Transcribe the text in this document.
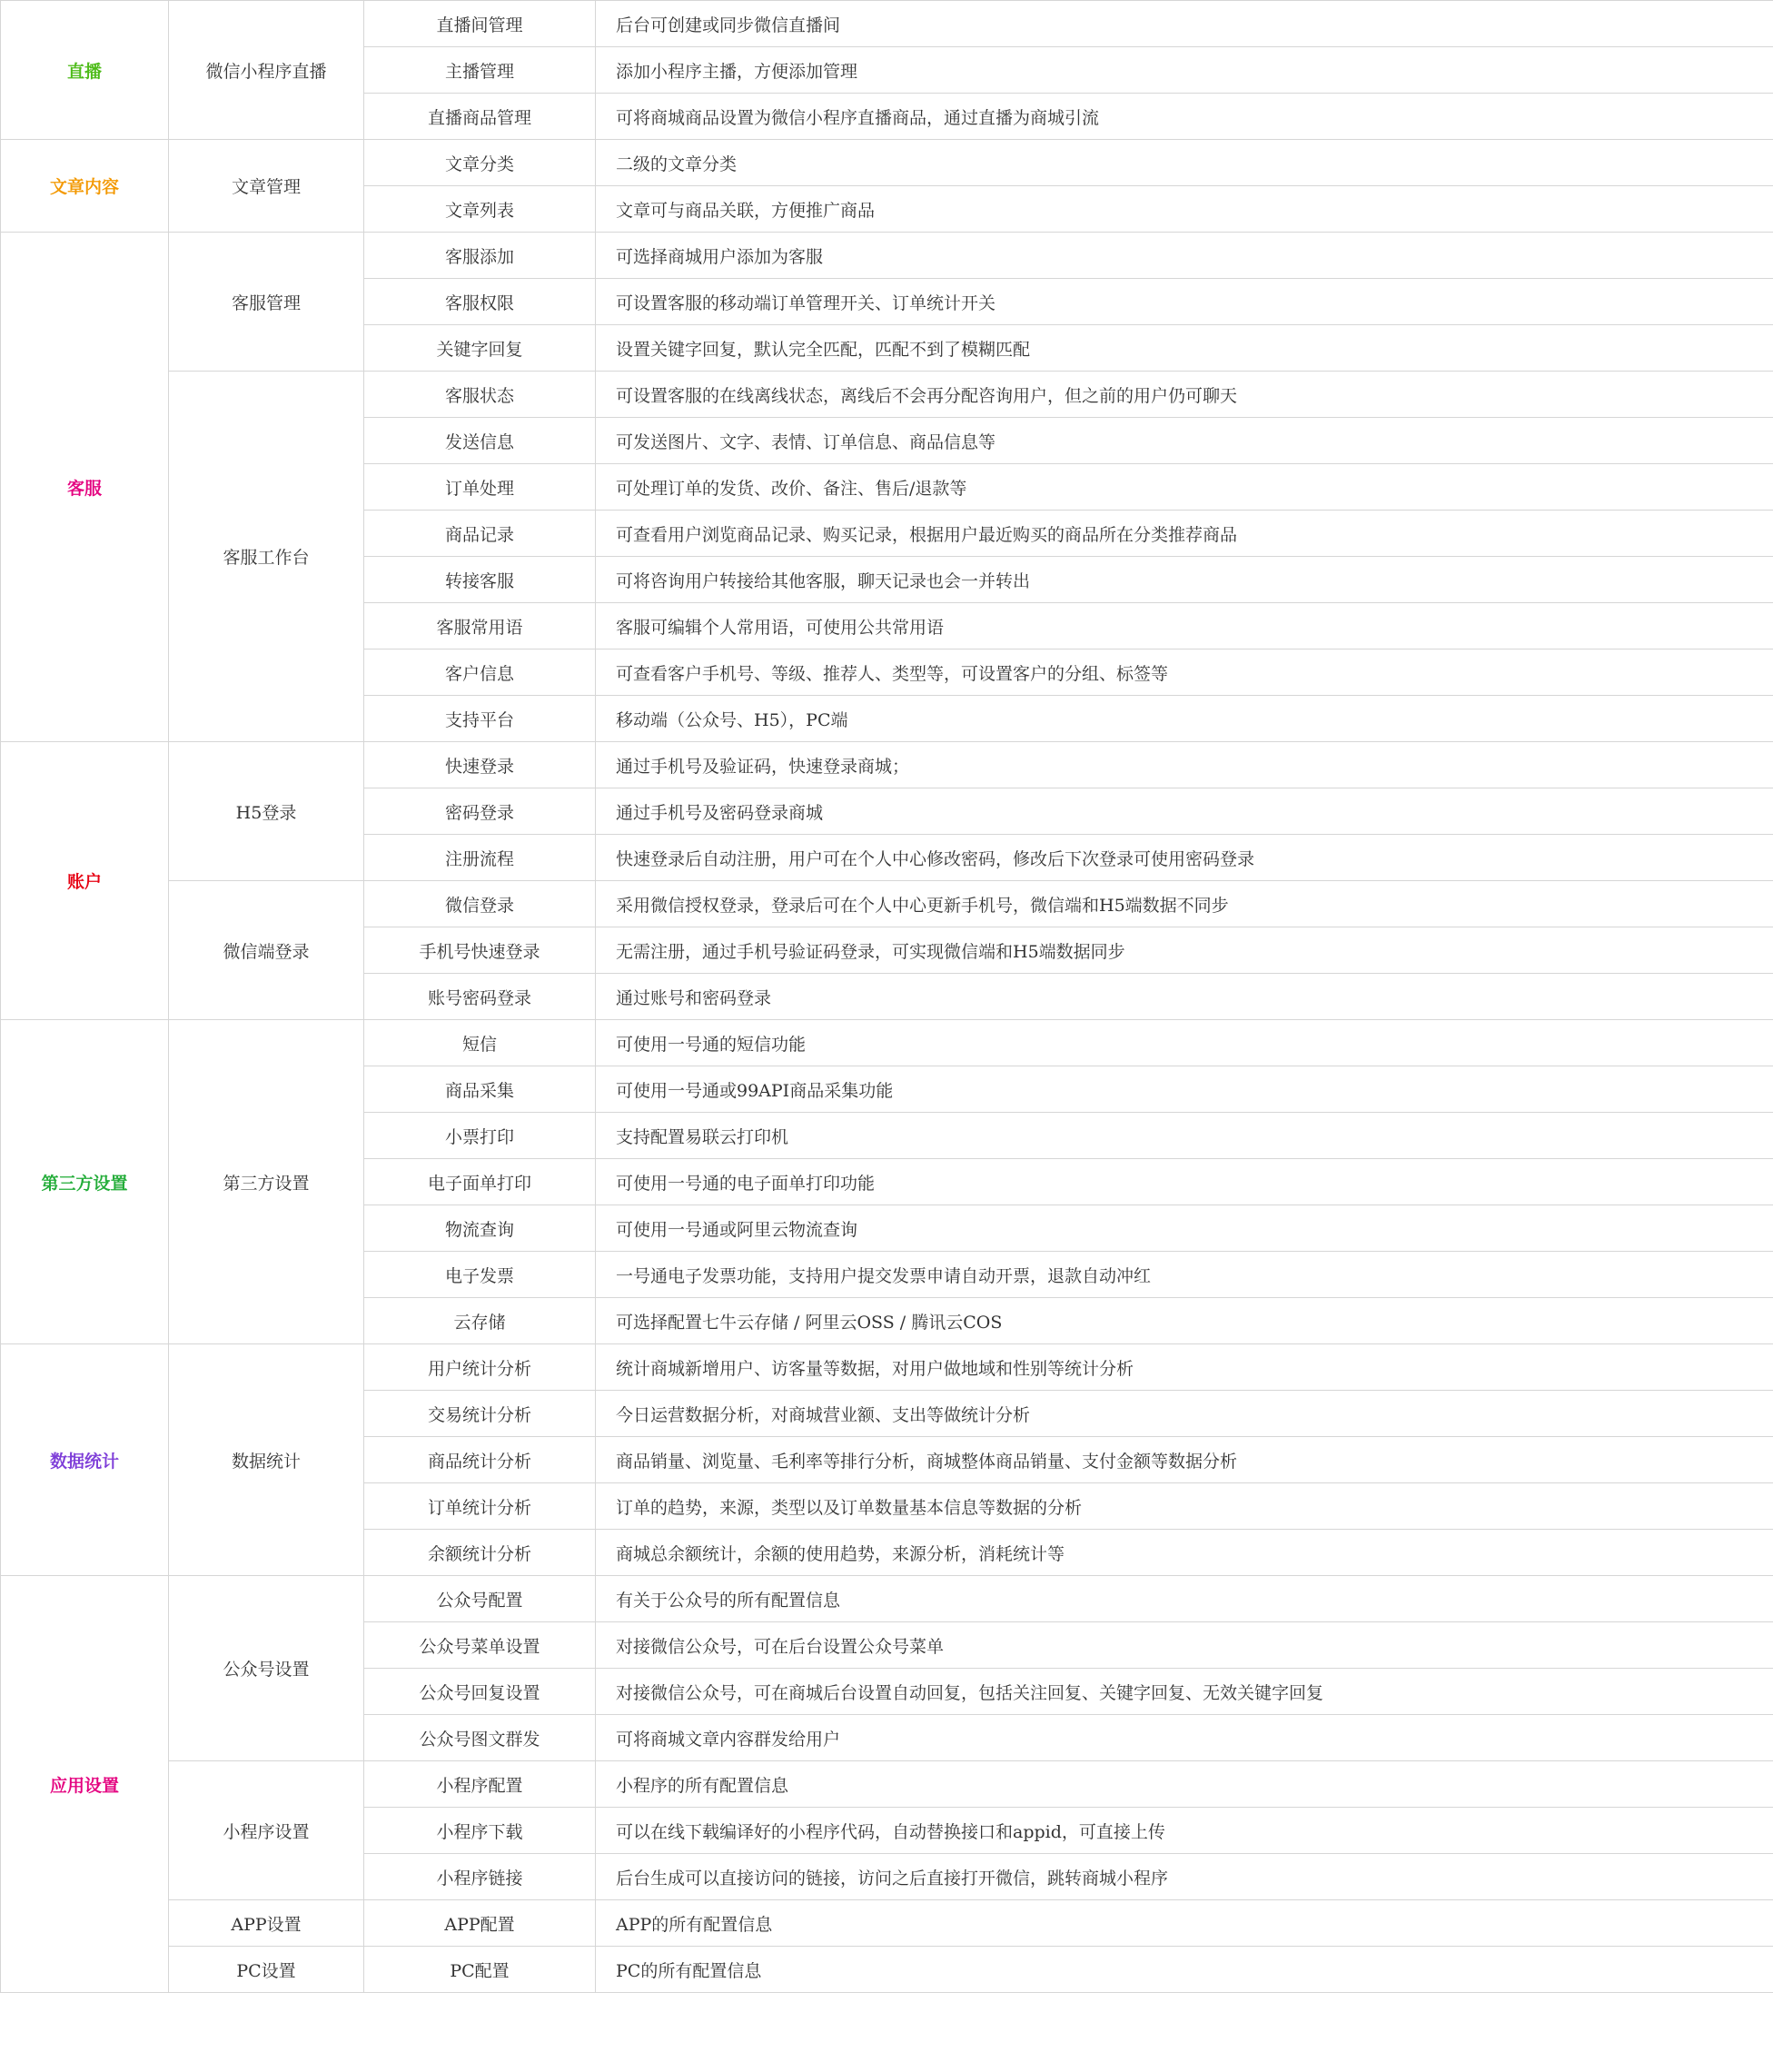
直播	微信小程序直播	直播间管理	后台可创建或同步微信直播间
		主播管理	添加小程序主播，方便添加管理
		直播商品管理	可将商城商品设置为微信小程序直播商品，通过直播为商城引流
文章内容	文章管理	文章分类	二级的文章分类
		文章列表	文章可与商品关联，方便推广商品
客服	客服管理	客服添加	可选择商城用户添加为客服
		客服权限	可设置客服的移动端订单管理开关、订单统计开关
		关键字回复	设置关键字回复，默认完全匹配，匹配不到了模糊匹配
	客服工作台	客服状态	可设置客服的在线离线状态，离线后不会再分配咨询用户，但之前的用户仍可聊天
		发送信息	可发送图片、文字、表情、订单信息、商品信息等
		订单处理	可处理订单的发货、改价、备注、售后/退款等
		商品记录	可查看用户浏览商品记录、购买记录，根据用户最近购买的商品所在分类推荐商品
		转接客服	可将咨询用户转接给其他客服，聊天记录也会一并转出
		客服常用语	客服可编辑个人常用语，可使用公共常用语
		客户信息	可查看客户手机号、等级、推荐人、类型等，可设置客户的分组、标签等
		支持平台	移动端（公众号、H5），PC端
账户	H5登录	快速登录	通过手机号及验证码，快速登录商城；
		密码登录	通过手机号及密码登录商城
		注册流程	快速登录后自动注册，用户可在个人中心修改密码，修改后下次登录可使用密码登录
	微信端登录	微信登录	采用微信授权登录，登录后可在个人中心更新手机号，微信端和H5端数据不同步
		手机号快速登录	无需注册，通过手机号验证码登录，可实现微信端和H5端数据同步
		账号密码登录	通过账号和密码登录
第三方设置	第三方设置	短信	可使用一号通的短信功能
		商品采集	可使用一号通或99API商品采集功能
		小票打印	支持配置易联云打印机
		电子面单打印	可使用一号通的电子面单打印功能
		物流查询	可使用一号通或阿里云物流查询
		电子发票	一号通电子发票功能，支持用户提交发票申请自动开票，退款自动冲红
		云存储	可选择配置七牛云存储 / 阿里云OSS / 腾讯云COS
数据统计	数据统计	用户统计分析	统计商城新增用户、访客量等数据，对用户做地域和性别等统计分析
		交易统计分析	今日运营数据分析，对商城营业额、支出等做统计分析
		商品统计分析	商品销量、浏览量、毛利率等排行分析，商城整体商品销量、支付金额等数据分析
		订单统计分析	订单的趋势，来源，类型以及订单数量基本信息等数据的分析
		余额统计分析	商城总余额统计，余额的使用趋势，来源分析，消耗统计等
应用设置	公众号设置	公众号配置	有关于公众号的所有配置信息
		公众号菜单设置	对接微信公众号，可在后台设置公众号菜单
		公众号回复设置	对接微信公众号，可在商城后台设置自动回复，包括关注回复、关键字回复、无效关键字回复
		公众号图文群发	可将商城文章内容群发给用户
	小程序设置	小程序配置	小程序的所有配置信息
		小程序下载	可以在线下载编译好的小程序代码，自动替换接口和appid，可直接上传
		小程序链接	后台生成可以直接访问的链接，访问之后直接打开微信，跳转商城小程序
	APP设置	APP配置	APP的所有配置信息
	PC设置	PC配置	PC的所有配置信息
